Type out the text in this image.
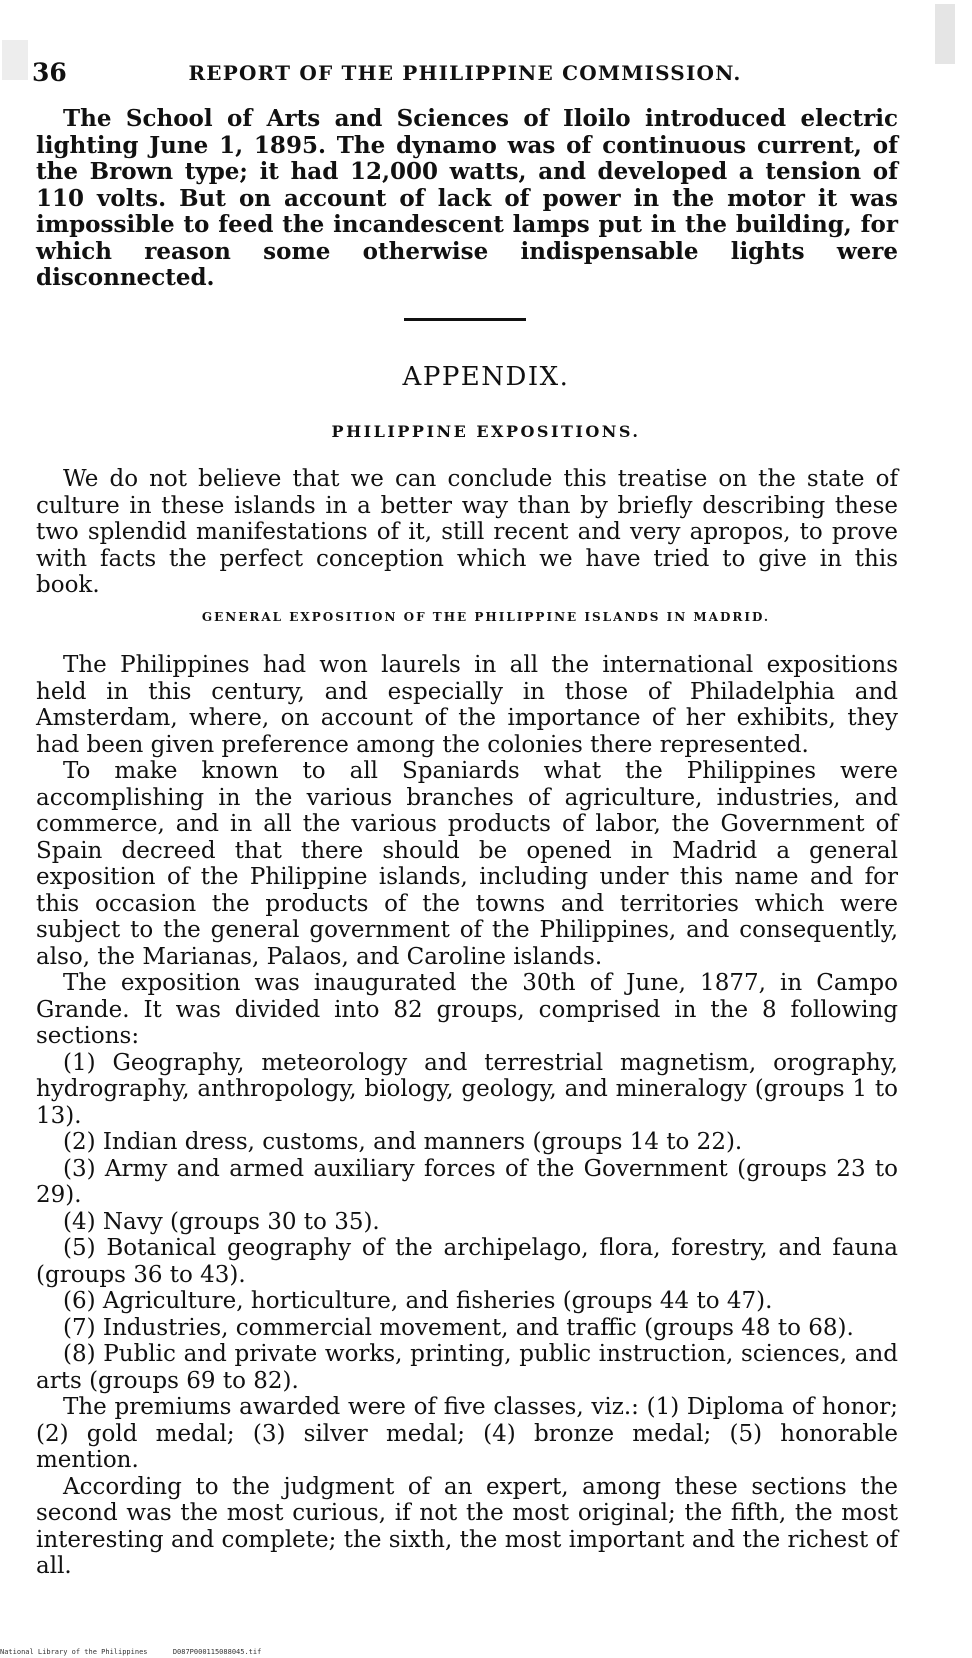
36	REPORT OF THE PHILIPPINE COMMISSION.

The School of Arts and Sciences of Iloilo introduced electric lighting June 1, 1895. The dynamo was of continuous current, of the Brown type; it had 12,000 watts, and developed a tension of 110 volts. But on account of lack of power in the motor it was impossible to feed the incandescent lamps put in the building, for which reason some otherwise indispensable lights were disconnected.

APPENDIX.
PHILIPPINE EXPOSITIONS.

We do not believe that we can conclude this treatise on the state of culture in these islands in a better way than by briefly describing these two splendid manifestations of it, still recent and very apropos, to prove with facts the perfect conception which we have tried to give in this book.

GENERAL EXPOSITION OF THE PHILIPPINE ISLANDS IN MADRID.

The Philippines had won laurels in all the international expositions held in this century, and especially in those of Philadelphia and Amsterdam, where, on account of the importance of her exhibits, they had been given preference among the colonies there represented.

To make known to all Spaniards what the Philippines were accomplishing in the various branches of agriculture, industries, and commerce, and in all the various products of labor, the Government of Spain decreed that there should be opened in Madrid a general exposition of the Philippine islands, including under this name and for this occasion the products of the towns and territories which were subject to the general government of the Philippines, and consequently, also, the Marianas, Palaos, and Caroline islands.

The exposition was inaugurated the 30th of June, 1877, in Campo Grande. It was divided into 82 groups, comprised in the 8 following sections:

(1) Geography, meteorology and terrestrial magnetism, orography, hydrography, anthropology, biology, geology, and mineralogy (groups 1 to 13).

(2) Indian dress, customs, and manners (groups 14 to 22).

(3) Army and armed auxiliary forces of the Government (groups 23 to 29).

(4) Navy (groups 30 to 35).

(5) Botanical geography of the archipelago, flora, forestry, and fauna (groups 36 to 43).

(6) Agriculture, horticulture, and fisheries (groups 44 to 47).

(7) Industries, commercial movement, and traffic (groups 48 to 68).

(8) Public and private works, printing, public instruction, sciences, and arts (groups 69 to 82).

The premiums awarded were of five classes, viz.: (1) Diploma of honor; (2) gold medal; (3) silver medal; (4) bronze medal; (5) honorable mention.

According to the judgment of an expert, among these sections the second was the most curious, if not the most original; the fifth, the most interesting and complete; the sixth, the most important and the richest of all.

National Library of the Philippines	D087P000115088045.tif
